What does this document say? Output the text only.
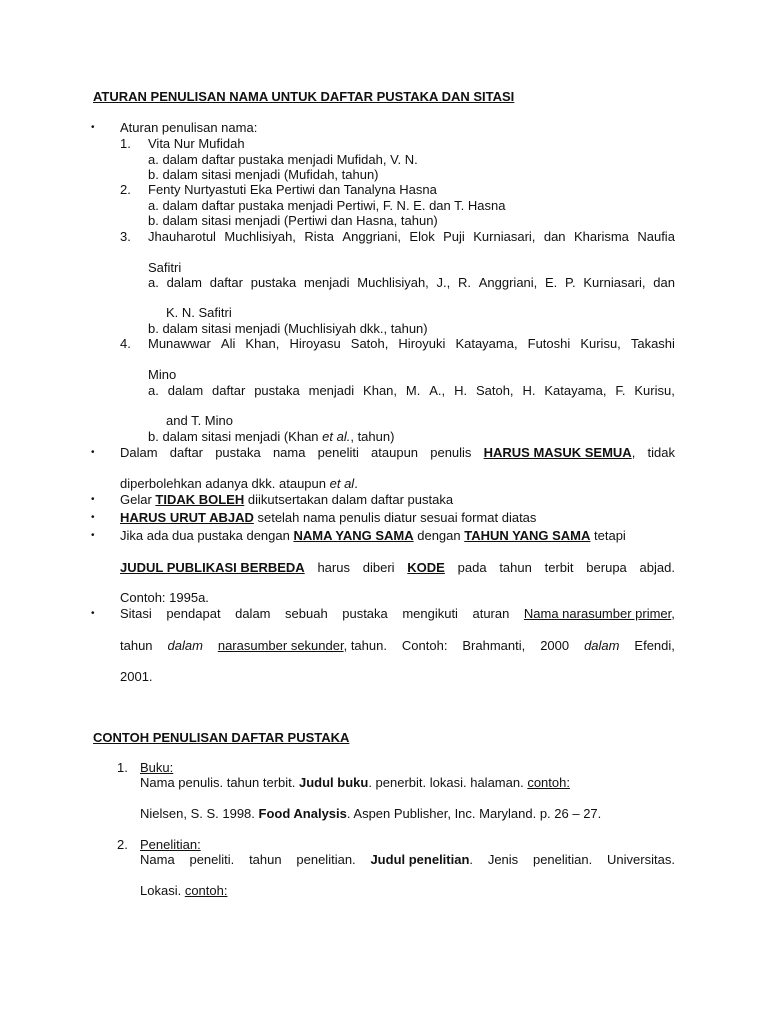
ATURAN PENULISAN NAMA UNTUK DAFTAR PUSTAKA DAN SITASI
• Aturan penulisan nama:
1. Vita Nur Mufidah
a. dalam daftar pustaka menjadi Mufidah, V. N.
b. dalam sitasi menjadi (Mufidah, tahun)
2. Fenty Nurtyastuti Eka Pertiwi dan Tanalyna Hasna
a. dalam daftar pustaka menjadi Pertiwi, F. N. E. dan T. Hasna
b. dalam sitasi menjadi (Pertiwi dan Hasna, tahun)
3. Jhauharotul Muchlisiyah, Rista Anggriani, Elok Puji Kurniasari, dan Kharisma Naufia
Safitri
a. dalam daftar pustaka menjadi Muchlisiyah, J., R. Anggriani, E. P. Kurniasari, dan
K. N. Safitri
b. dalam sitasi menjadi (Muchlisiyah dkk., tahun)
4. Munawwar Ali Khan, Hiroyasu Satoh, Hiroyuki Katayama, Futoshi Kurisu, Takashi
Mino
a. dalam daftar pustaka menjadi Khan, M. A., H. Satoh, H. Katayama, F. Kurisu,
and T. Mino
b. dalam sitasi menjadi (Khan et al., tahun)
• Dalam daftar pustaka nama peneliti ataupun penulis HARUS MASUK SEMUA, tidak
diperbolehkan adanya dkk. ataupun et al.
• Gelar TIDAK BOLEH diikutsertakan dalam daftar pustaka
• HARUS URUT ABJAD setelah nama penulis diatur sesuai format diatas
• Jika ada dua pustaka dengan NAMA YANG SAMA dengan TAHUN YANG SAMA tetapi
JUDUL PUBLIKASI BERBEDA harus diberi KODE pada tahun terbit berupa abjad.
Contoh: 1995a.
• Sitasi pendapat dalam sebuah pustaka mengikuti aturan Nama narasumber primer,
tahun dalam narasumber sekunder, tahun. Contoh: Brahmanti, 2000 dalam Efendi,
2001.
CONTOH PENULISAN DAFTAR PUSTAKA
1. Buku:
Nama penulis. tahun terbit. Judul buku. penerbit. lokasi. halaman. contoh:
Nielsen, S. S. 1998. Food Analysis. Aspen Publisher, Inc. Maryland. p. 26 – 27.
2. Penelitian:
Nama peneliti. tahun penelitian. Judul penelitian. Jenis penelitian. Universitas.
Lokasi. contoh:
